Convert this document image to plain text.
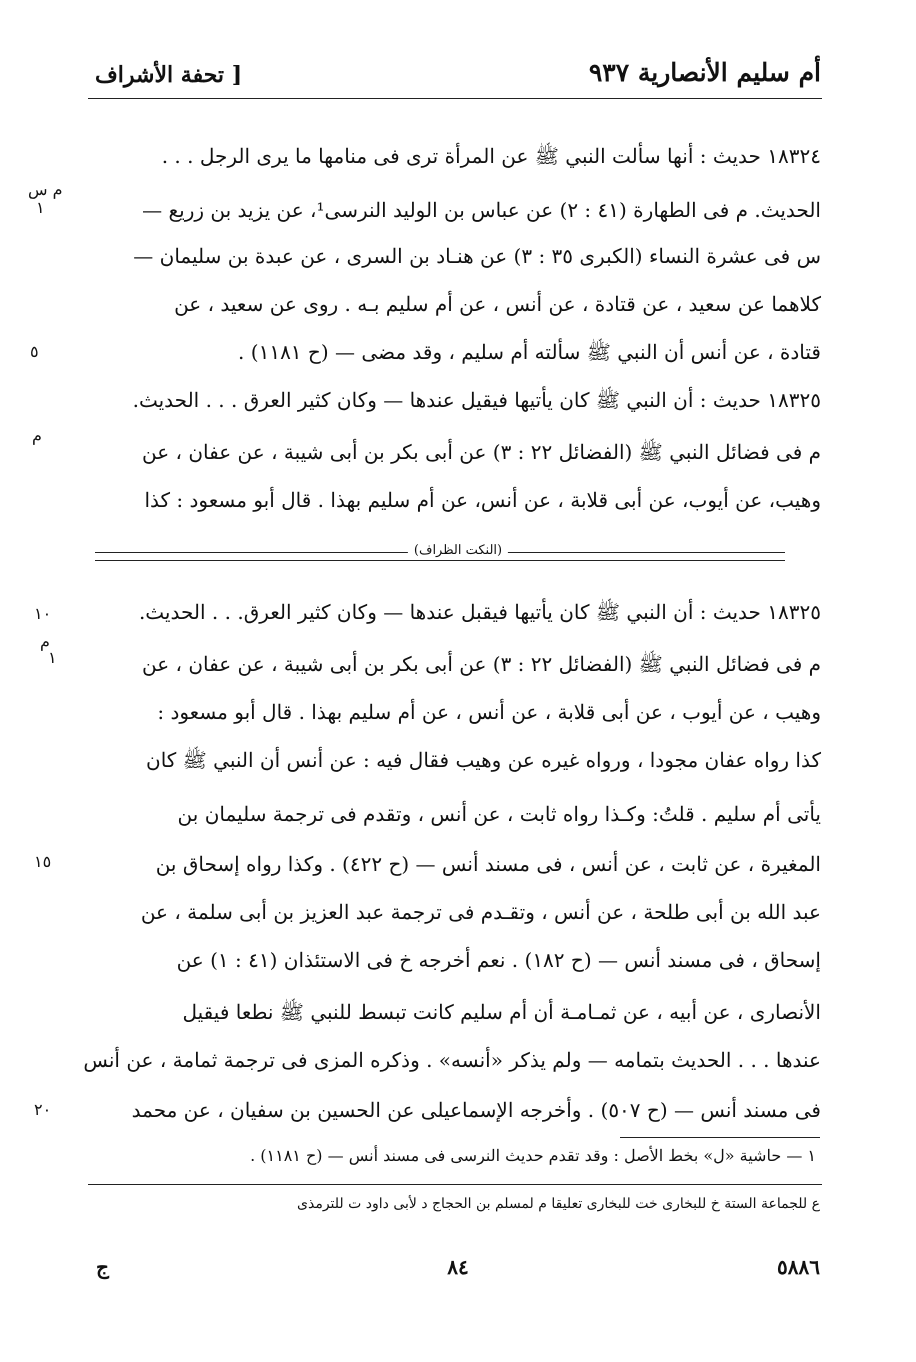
أم سليم الأنصارية ٩٣٧
[ تحفة الأشراف
١٨٣٢٤ حديث : أنها سألت النبي ﷺ عن المرأة ترى فى منامها ما يرى الرجل . . .
الحديث. م فى الطهارة (٤١ : ٢) عن عباس بن الوليد النرسى¹، عن يزيد بن زريع —
س فى عشرة النساء (الكبرى ٣٥ : ٣) عن هنـاد بن السرى ، عن عبدة بن سليمان —
كلاهما عن سعيد ، عن قتادة ، عن أنس ، عن أم سليم بـه . روى عن سعيد ، عن
قتادة ، عن أنس أن النبي ﷺ سألته أم سليم ، وقد مضى — (ح ١١٨١) .
١٨٣٢٥ حديث : أن النبي ﷺ كان يأتيها فيقيل عندها — وكان كثير العرق . . . الحديث.
م فى فضائل النبي ﷺ (الفضائل ٢٢ : ٣) عن أبى بكر بن أبى شيبة ، عن عفان ، عن
وهيب، عن أيوب، عن أبى قلابة ، عن أنس، عن أم سليم بهذا . قال أبو مسعود : كذا
م س
١
٥
م
(النكت الظراف)
١٨٣٢٥ حديث : أن النبي ﷺ كان يأتيها فيقبل عندها — وكان كثير العرق. . . الحديث.
م فى فضائل النبي ﷺ (الفضائل ٢٢ : ٣) عن أبى بكر بن أبى شيبة ، عن عفان ، عن
وهيب ، عن أيوب ، عن أبى قلابة ، عن أنس ، عن أم سليم بهذا . قال أبو مسعود :
كذا رواه عفان مجودا ، ورواه غيره عن وهيب فقال فيه : عن أنس أن النبي ﷺ كان
يأتى أم سليم . قلتُ: وكـذا رواه ثابت ، عن أنس ، وتقدم فى ترجمة سليمان بن
المغيرة ، عن ثابت ، عن أنس ، فى مسند أنس — (ح ٤٢٢) . وكذا رواه إسحاق بن
عبد الله بن أبى طلحة ، عن أنس ، وتقـدم فى ترجمة عبد العزيز بن أبى سلمة ، عن
إسحاق ، فى مسند أنس — (ح ١٨٢) . نعم أخرجه خ فى الاستئذان (٤١ : ١) عن
الأنصارى ، عن أبيه ، عن ثمـامـة أن أم سليم كانت تبسط للنبي ﷺ نطعا فيقيل
عندها . . . الحديث بتمامه — ولم يذكر «أنسه» . وذكره المزى فى ترجمة ثمامة ، عن أنس
فى مسند أنس — (ح ٥٠٧) . وأخرجه الإسماعيلى عن الحسين بن سفيان ، عن محمد
١٠
م
١
١٥
٢٠
١ — حاشية «ل» بخط الأصل : وقد تقدم حديث النرسى فى مسند أنس — (ح ١١٨١) .
ع للجماعة الستة خ للبخارى خت للبخارى تعليقا م لمسلم بن الحجاج د لأبى داود ت للترمذى
٥٨٨٦
٨٤
ج
